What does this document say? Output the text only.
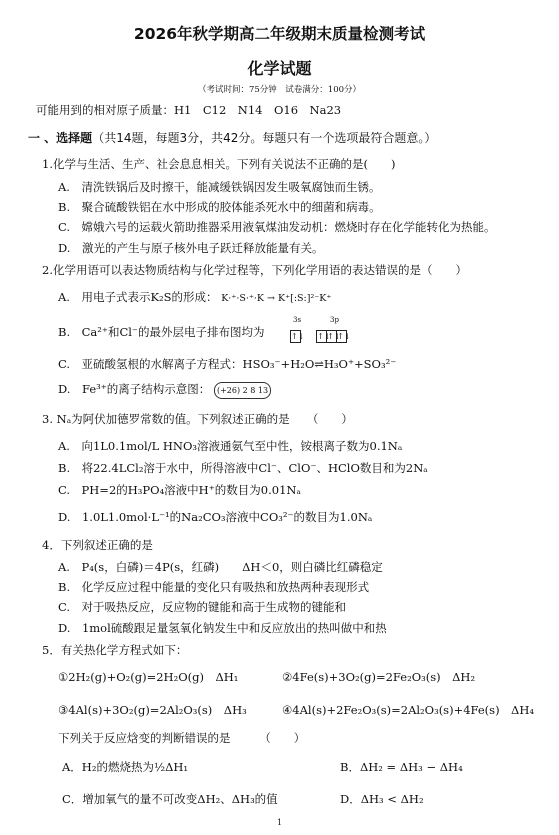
2026年秋学期高二年级期末质量检测考试
化学试题
（考试时间：75分钟　试卷满分：100分）
可能用到的相对原子质量：H1　C12　N14　O16　Na23
一 、选择题（共14题，每题3分，共42分。每题只有一个选项最符合题意。）
1.化学与生活、生产、社会息息相关。下列有关说法不正确的是(　　)
A.　清洗铁锅后及时擦干，能减缓铁锅因发生吸氧腐蚀而生锈。
B.　聚合硫酸铁铝在水中形成的胶体能杀死水中的细菌和病毒。
C.　嫦娥六号的运载火箭助推器采用液氧煤油发动机：燃烧时存在化学能转化为热能。
D.　激光的产生与原子核外电子跃迁释放能量有关。
2.化学用语可以表达物质结构与化学过程等，下列化学用语的表达错误的是（　　）
A.　用电子式表示K₂S的形成： K·⁺·S·⁺·K → K⁺[:S:]²⁻K⁺
B.　Ca²⁺和Cl⁻的最外层电子排布图均为
3s	3p
↑↓ ↑↓↑↓↑↓
C.　亚硫酸氢根的水解离子方程式：HSO₃⁻+H₂O⇌H₃O⁺+SO₃²⁻
D.　Fe³⁺的离子结构示意图： (+26) 2 8 13
3. Nₐ为阿伏加德罗常数的值。下列叙述正确的是　　（　　）
A.　向1L0.1mol/L HNO₃溶液通氨气至中性，铵根离子数为0.1Nₐ
B.　将22.4LCl₂溶于水中，所得溶液中Cl⁻、ClO⁻、HClO数目和为2Nₐ
C.　PH=2的H₃PO₄溶液中H⁺的数目为0.01Nₐ
D.　1.0L1.0mol·L⁻¹的Na₂CO₃溶液中CO₃²⁻的数目为1.0Nₐ
4．下列叙述正确的是
A.　P₄(s，白磷)＝4P(s，红磷)　　ΔH＜0，则白磷比红磷稳定
B.　化学反应过程中能量的变化只有吸热和放热两种表现形式
C.　对于吸热反应，反应物的键能和高于生成物的键能和
D.　1mol硫酸跟足量氢氧化钠发生中和反应放出的热叫做中和热
5．有关热化学方程式如下：
①2H₂(g)+O₂(g)=2H₂O(g)　ΔH₁	②4Fe(s)+3O₂(g)=2Fe₂O₃(s)　ΔH₂
③4Al(s)+3O₂(g)=2Al₂O₃(s)　ΔH₃	④4Al(s)+2Fe₂O₃(s)=2Al₂O₃(s)+4Fe(s)　ΔH₄
下列关于反应焓变的判断错误的是　　　（　　）
A．H₂的燃烧热为½ΔH₁	B．ΔH₂ = ΔH₃ − ΔH₄
C．增加氧气的量不可改变ΔH₂、ΔH₃的值	D．ΔH₃ < ΔH₂
1
